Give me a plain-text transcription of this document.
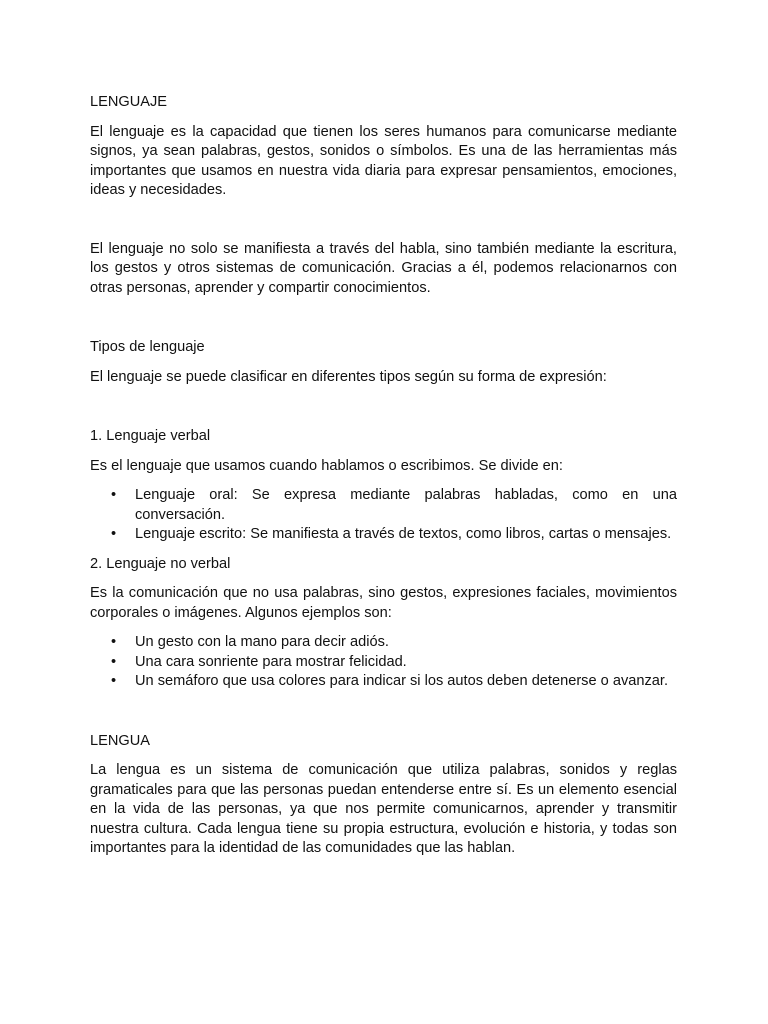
LENGUAJE

El lenguaje es la capacidad que tienen los seres humanos para comunicarse mediante signos, ya sean palabras, gestos, sonidos o símbolos. Es una de las herramientas más importantes que usamos en nuestra vida diaria para expresar pensamientos, emociones, ideas y necesidades.

El lenguaje no solo se manifiesta a través del habla, sino también mediante la escritura, los gestos y otros sistemas de comunicación. Gracias a él, podemos relacionarnos con otras personas, aprender y compartir conocimientos.

Tipos de lenguaje

El lenguaje se puede clasificar en diferentes tipos según su forma de expresión:

1. Lenguaje verbal

Es el lenguaje que usamos cuando hablamos o escribimos. Se divide en:

• Lenguaje oral: Se expresa mediante palabras habladas, como en una conversación.
• Lenguaje escrito: Se manifiesta a través de textos, como libros, cartas o mensajes.
2. Lenguaje no verbal

Es la comunicación que no usa palabras, sino gestos, expresiones faciales, movimientos corporales o imágenes. Algunos ejemplos son:

• Un gesto con la mano para decir adiós.
• Una cara sonriente para mostrar felicidad.
• Un semáforo que usa colores para indicar si los autos deben detenerse o avanzar.
LENGUA

La lengua es un sistema de comunicación que utiliza palabras, sonidos y reglas gramaticales para que las personas puedan entenderse entre sí. Es un elemento esencial en la vida de las personas, ya que nos permite comunicarnos, aprender y transmitir nuestra cultura. Cada lengua tiene su propia estructura, evolución e historia, y todas son importantes para la identidad de las comunidades que las hablan.
